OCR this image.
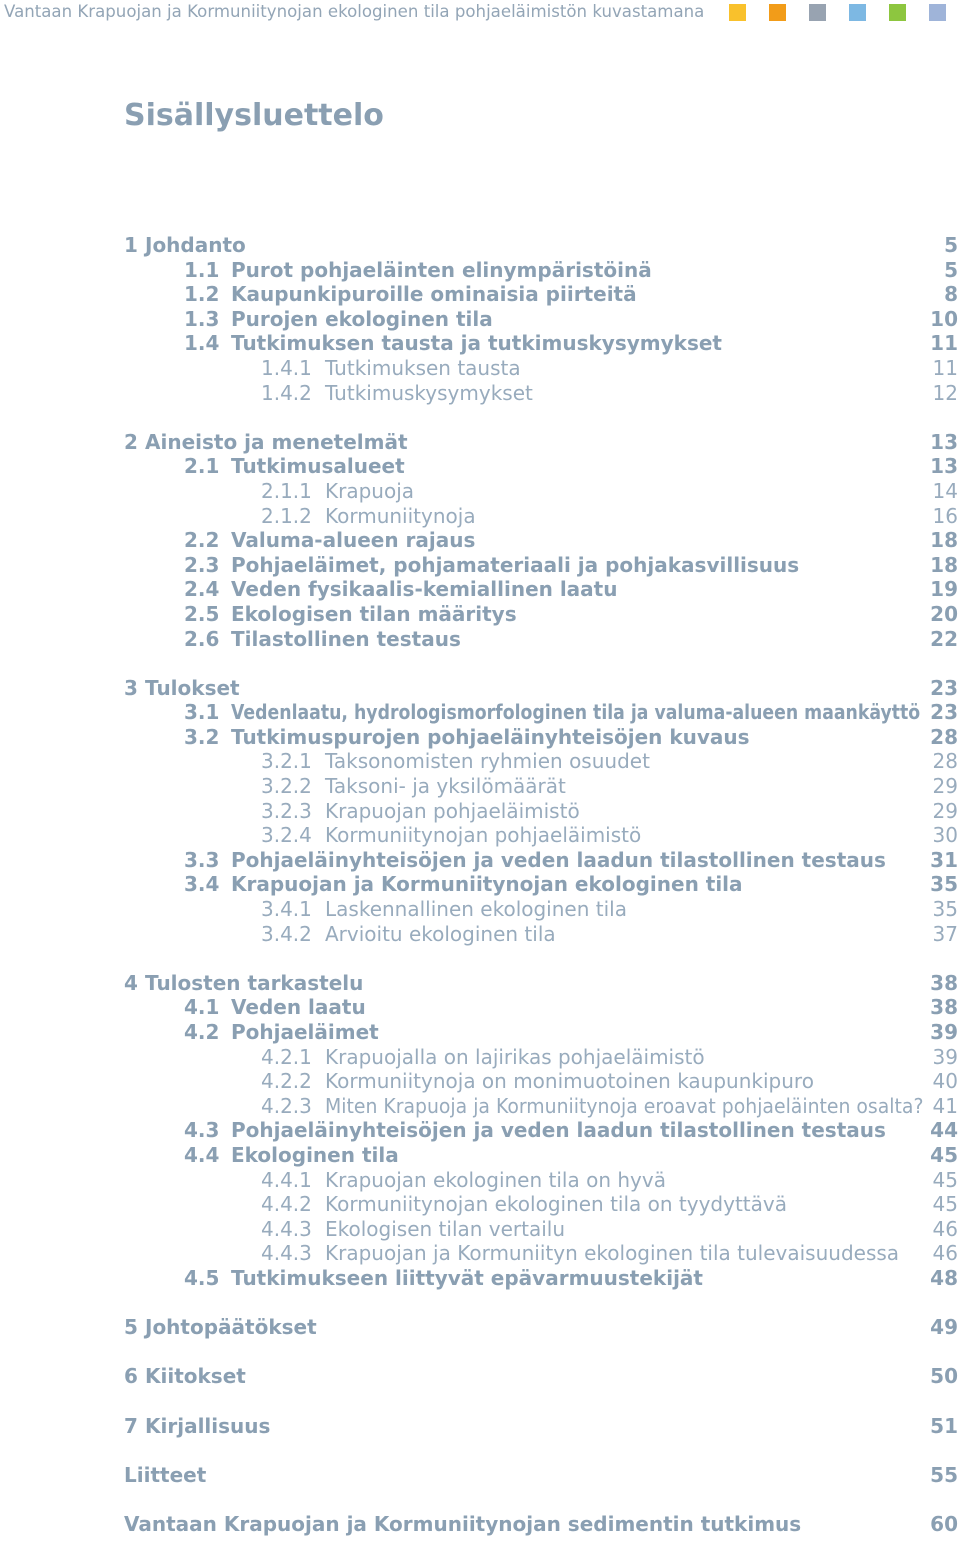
Vantaan Krapuojan ja Kormuniitynojan ekologinen tila pohjaeläimistön kuvastamana
Sisällysluettelo
1 Johdanto	5
1.1 Purot pohjaeläinten elinympäristöinä	5
1.2 Kaupunkipuroille ominaisia piirteitä	8
1.3 Purojen ekologinen tila	10
1.4 Tutkimuksen tausta ja tutkimuskysymykset	11
1.4.1 Tutkimuksen tausta	11
1.4.2 Tutkimuskysymykset	12
2 Aineisto ja menetelmät	13
2.1 Tutkimusalueet	13
2.1.1 Krapuoja	14
2.1.2 Kormuniitynoja	16
2.2 Valuma-alueen rajaus	18
2.3 Pohjaeläimet, pohjamateriaali ja pohjakasvillisuus	18
2.4 Veden fysikaalis-kemiallinen laatu	19
2.5 Ekologisen tilan määritys	20
2.6 Tilastollinen testaus	22
3 Tulokset	23
3.1 Vedenlaatu, hydrologismorfologinen tila ja valuma-alueen maankäyttö 23
3.2 Tutkimuspurojen pohjaeläinyhteisöjen kuvaus	28
3.2.1 Taksonomisten ryhmien osuudet	28
3.2.2 Taksoni- ja yksilömäärät	29
3.2.3 Krapuojan pohjaeläimistö	29
3.2.4 Kormuniitynojan pohjaeläimistö	30
3.3 Pohjaeläinyhteisöjen ja veden laadun tilastollinen testaus 31
3.4 Krapuojan ja Kormuniitynojan ekologinen tila	35
3.4.1 Laskennallinen ekologinen tila	35
3.4.2 Arvioitu ekologinen tila	37
4 Tulosten tarkastelu	38
4.1 Veden laatu	38
4.2 Pohjaeläimet	39
4.2.1 Krapuojalla on lajirikas pohjaeläimistö	39
4.2.2 Kormuniitynoja on monimuotoinen kaupunkipuro	40
4.2.3 Miten Krapuoja ja Kormuniitynoja eroavat pohjaeläinten osalta? 41
4.3 Pohjaeläinyhteisöjen ja veden laadun tilastollinen testaus 44
4.4 Ekologinen tila	45
4.4.1 Krapuojan ekologinen tila on hyvä	45
4.4.2 Kormuniitynojan ekologinen tila on tyydyttävä	45
4.4.3 Ekologisen tilan vertailu	46
4.4.3 Krapuojan ja Kormuniityn ekologinen tila tulevaisuudessa 46
4.5 Tutkimukseen liittyvät epävarmuustekijät	48
5 Johtopäätökset	49
6 Kiitokset	50
7 Kirjallisuus	51
Liitteet	55
Vantaan Krapuojan ja Kormuniitynojan sedimentin tutkimus	60
